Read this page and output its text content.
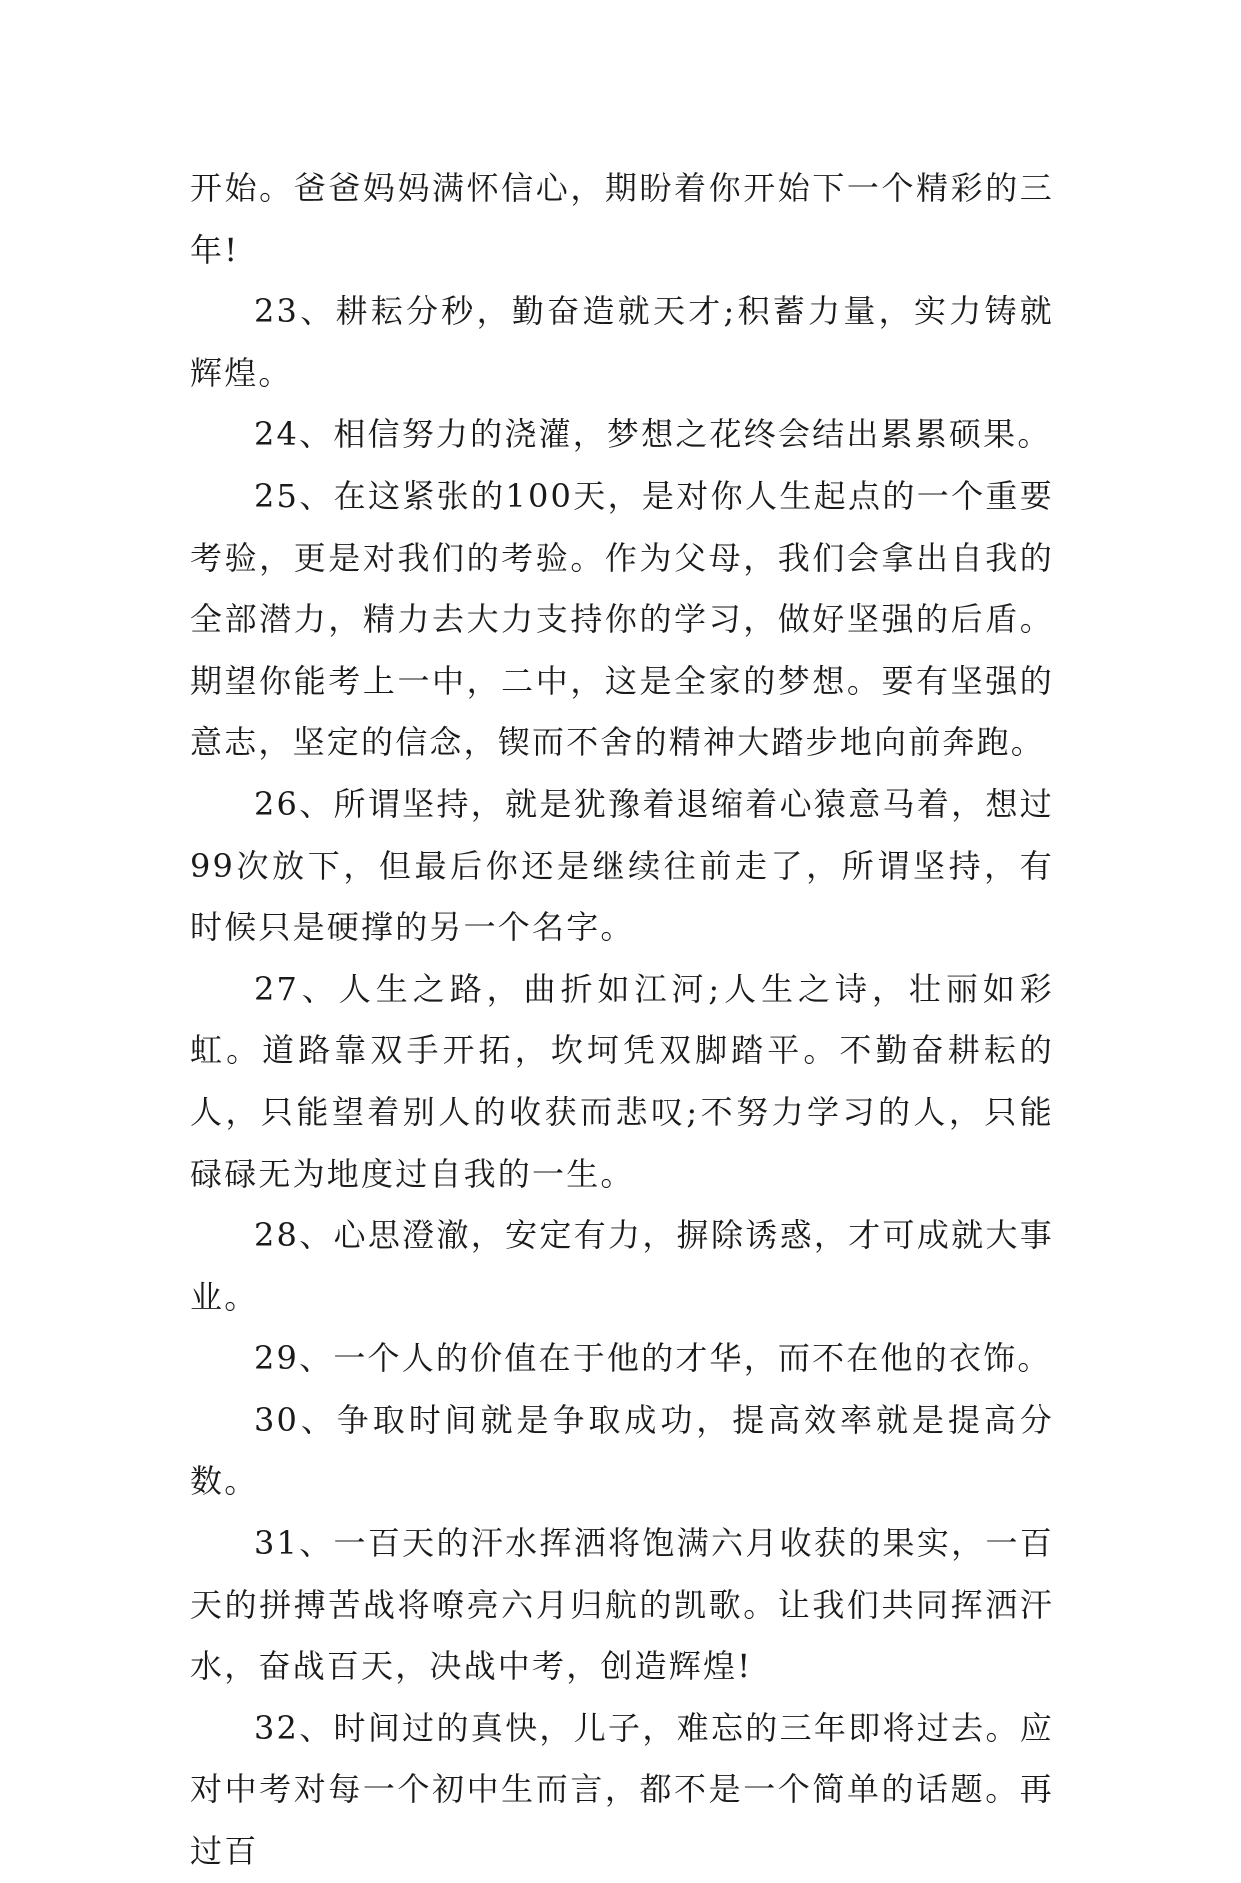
开始。爸爸妈妈满怀信心，期盼着你开始下一个精彩的三年!

23、耕耘分秒，勤奋造就天才;积蓄力量，实力铸就辉煌。

24、相信努力的浇灌，梦想之花终会结出累累硕果。

25、在这紧张的100天，是对你人生起点的一个重要考验，更是对我们的考验。作为父母，我们会拿出自我的全部潜力，精力去大力支持你的学习，做好坚强的后盾。期望你能考上一中，二中，这是全家的梦想。要有坚强的意志，坚定的信念，锲而不舍的精神大踏步地向前奔跑。

26、所谓坚持，就是犹豫着退缩着心猿意马着，想过99次放下，但最后你还是继续往前走了，所谓坚持，有时候只是硬撑的另一个名字。

27、人生之路，曲折如江河;人生之诗，壮丽如彩虹。道路靠双手开拓，坎坷凭双脚踏平。不勤奋耕耘的人，只能望着别人的收获而悲叹;不努力学习的人，只能碌碌无为地度过自我的一生。

28、心思澄澈，安定有力，摒除诱惑，才可成就大事业。

29、一个人的价值在于他的才华，而不在他的衣饰。

30、争取时间就是争取成功，提高效率就是提高分数。

31、一百天的汗水挥洒将饱满六月收获的果实，一百天的拼搏苦战将嘹亮六月归航的凯歌。让我们共同挥洒汗水，奋战百天，决战中考，创造辉煌!

32、时间过的真快，儿子，难忘的三年即将过去。应对中考对每一个初中生而言，都不是一个简单的话题。再过百
